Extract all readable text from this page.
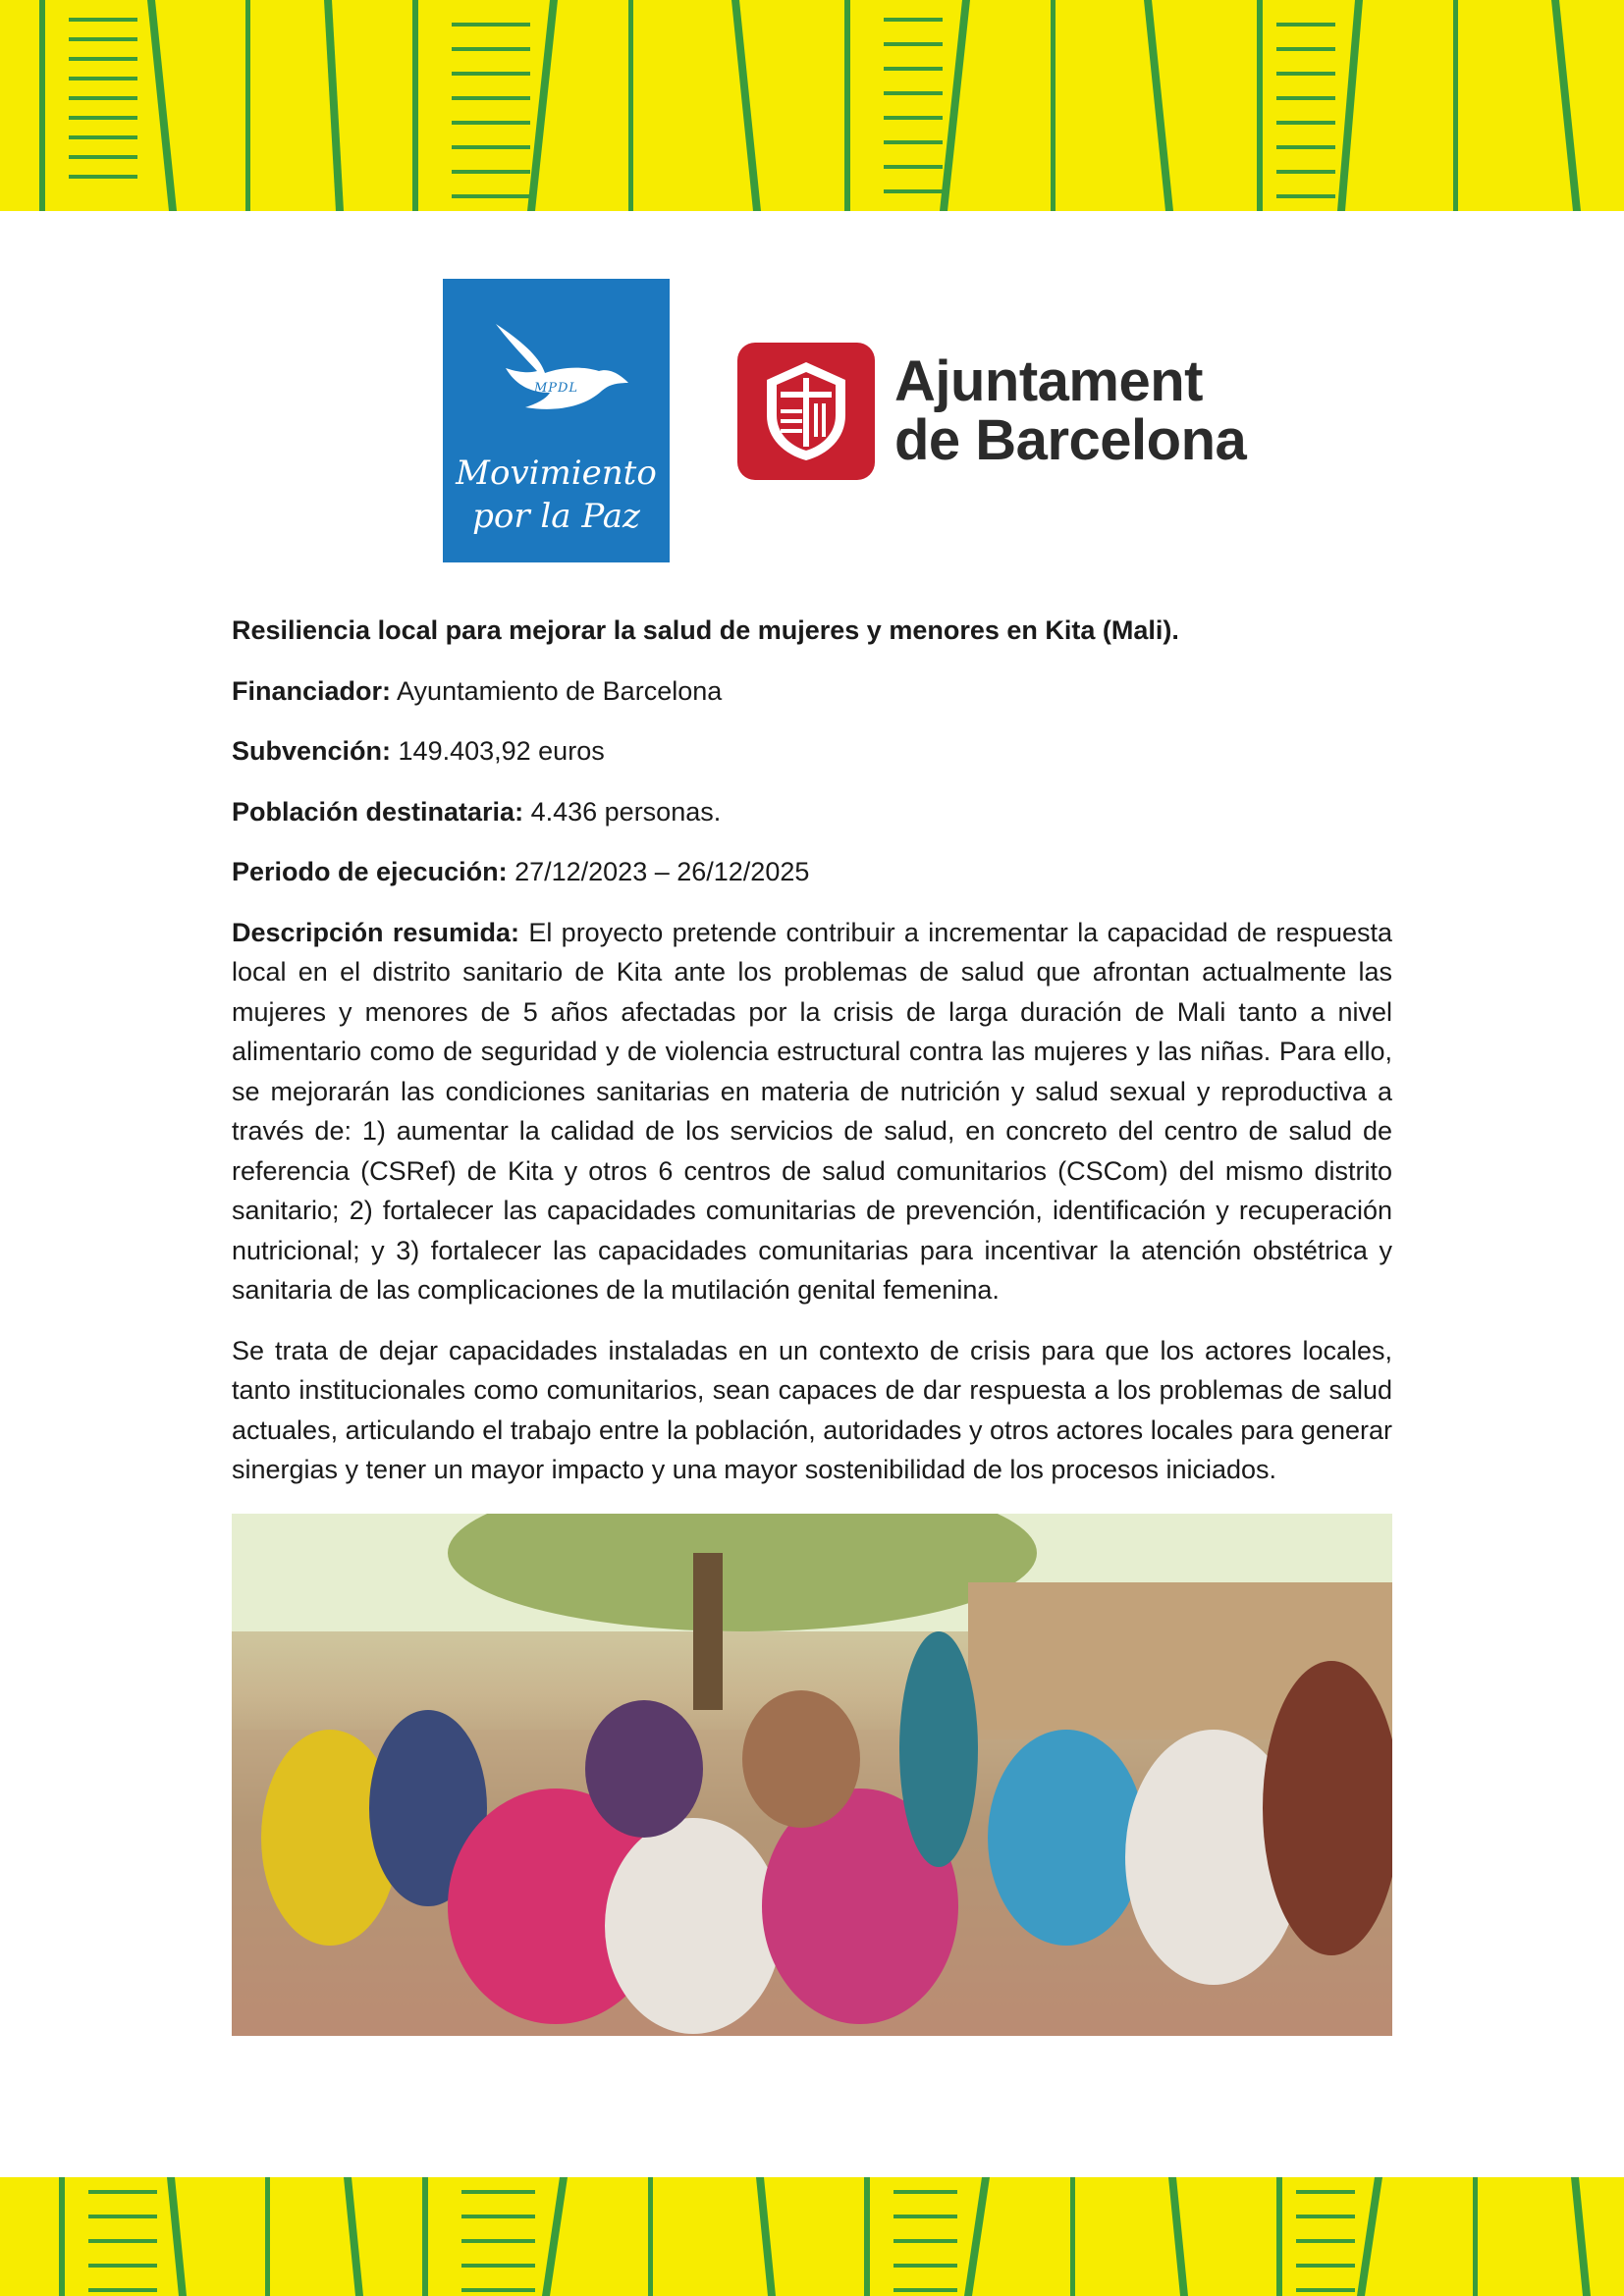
MPDL
Movimiento
por la Paz
Ajuntament
de Barcelona

Resiliencia local para mejorar la salud de mujeres y menores en Kita (Mali).

Financiador: Ayuntamiento de Barcelona

Subvención: 149.403,92 euros

Población destinataria: 4.436 personas.

Periodo de ejecución: 27/12/2023 – 26/12/2025

Descripción resumida: El proyecto pretende contribuir a incrementar la capacidad de respuesta local en el distrito sanitario de Kita ante los problemas de salud que afrontan actualmente las mujeres y menores de 5 años afectadas por la crisis de larga duración de Mali tanto a nivel alimentario como de seguridad y de violencia estructural contra las mujeres y las niñas. Para ello, se mejorarán las condiciones sanitarias en materia de nutrición y salud sexual y reproductiva a través de: 1) aumentar la calidad de los servicios de salud, en concreto del centro de salud de referencia (CSRef) de Kita y otros 6 centros de salud comunitarios (CSCom) del mismo distrito sanitario; 2) fortalecer las capacidades comunitarias de prevención, identificación y recuperación nutricional; y 3) fortalecer las capacidades comunitarias para incentivar la atención obstétrica y sanitaria de las complicaciones de la mutilación genital femenina.

Se trata de dejar capacidades instaladas en un contexto de crisis para que los actores locales, tanto institucionales como comunitarios, sean capaces de dar respuesta a los problemas de salud actuales, articulando el trabajo entre la población, autoridades y otros actores locales para generar sinergias y tener un mayor impacto y una mayor sostenibilidad de los procesos iniciados.
